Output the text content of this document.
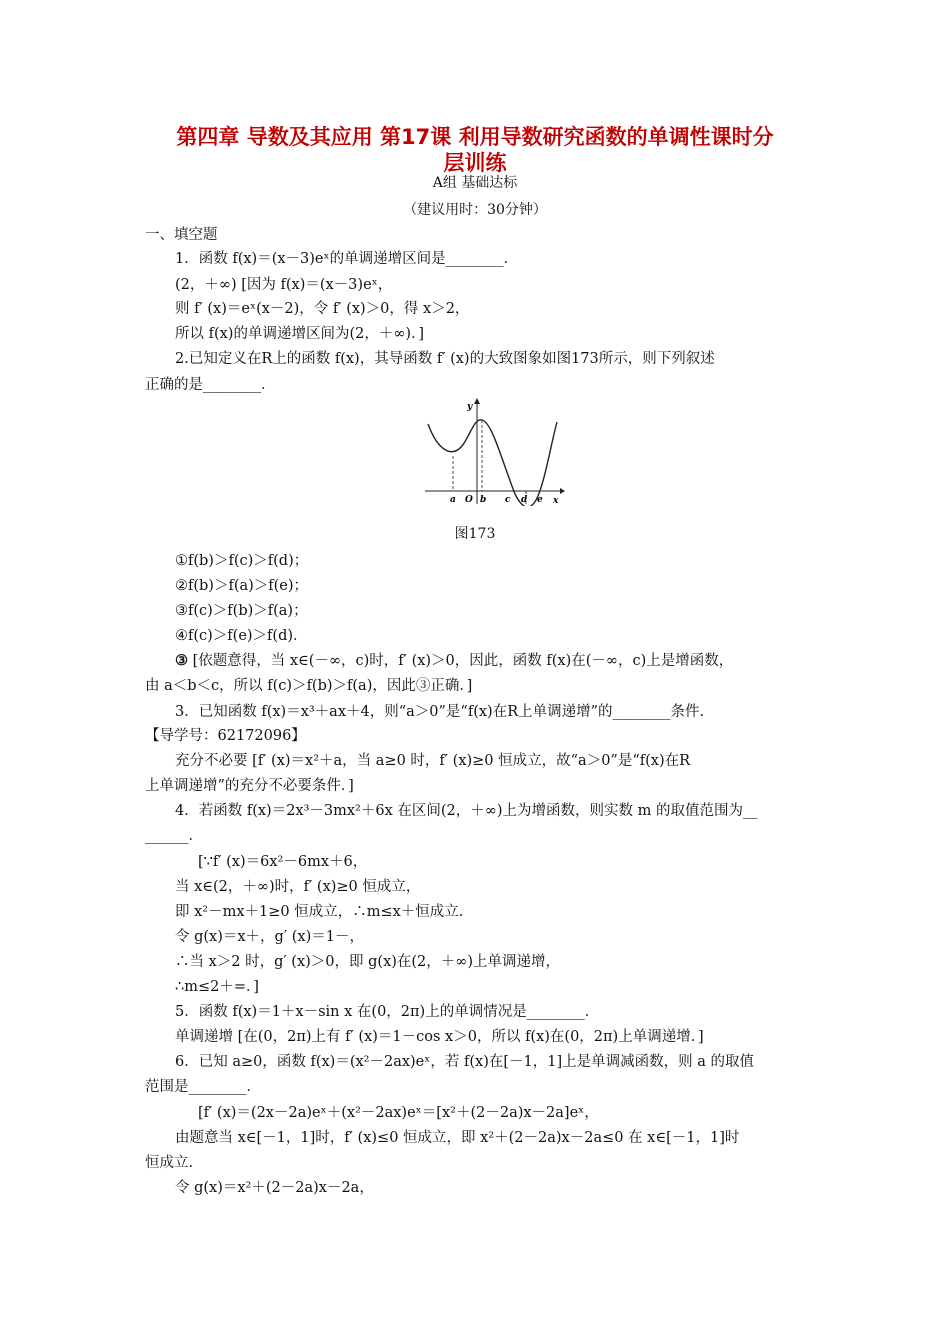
第四章 导数及其应用 第17课 利用导数研究函数的单调性课时分
层训练
A组 基础达标
（建议用时：30分钟）
一、填空题
1．函数 f(x)＝(x－3)eˣ的单调递增区间是________．
(2，＋∞) [因为 f(x)＝(x－3)eˣ，
则 f′ (x)＝eˣ(x－2)，令 f′ (x)＞0，得 x＞2，
所以 f(x)的单调递增区间为(2，＋∞)．]
2.已知定义在R上的函数 f(x)，其导函数 f′ (x)的大致图象如图173所示，则下列叙述
正确的是________．
y
x
a O b c d e
图173
①f(b)＞f(c)＞f(d)；
②f(b)＞f(a)＞f(e)；
③f(c)＞f(b)＞f(a)；
④f(c)＞f(e)＞f(d)．
③ [依题意得，当 x∈(－∞，c)时，f′ (x)＞0，因此，函数 f(x)在(－∞，c)上是增函数，
由 a＜b＜c，所以 f(c)＞f(b)＞f(a)，因此③正确．]
3．已知函数 f(x)＝x³＋ax＋4，则“a＞0”是“f(x)在R上单调递增”的________条件.
【导学号：62172096】
充分不必要 [f′ (x)＝x²＋a，当 a≥0 时，f′ (x)≥0 恒成立，故“a＞0”是“f(x)在R
上单调递增”的充分不必要条件．]
4．若函数 f(x)＝2x³－3mx²＋6x 在区间(2，＋∞)上为增函数，则实数 m 的取值范围为__
______．
[∵f′ (x)＝6x²－6mx＋6，
当 x∈(2，＋∞)时，f′ (x)≥0 恒成立，
即 x²－mx＋1≥0 恒成立，∴m≤x＋恒成立.
令 g(x)＝x＋，g′ (x)＝1－，
∴当 x＞2 时，g′ (x)＞0，即 g(x)在(2，＋∞)上单调递增，
∴m≤2＋=．]
5．函数 f(x)＝1＋x－sin x 在(0，2π)上的单调情况是________．
单调递增 [在(0，2π)上有 f′ (x)＝1－cos x＞0，所以 f(x)在(0，2π)上单调递增．]
6．已知 a≥0，函数 f(x)＝(x²－2ax)eˣ，若 f(x)在[－1，1]上是单调减函数，则 a 的取值
范围是________．
[f′ (x)＝(2x－2a)eˣ＋(x²－2ax)eˣ＝[x²＋(2－2a)x－2a]eˣ，
由题意当 x∈[－1，1]时，f′ (x)≤0 恒成立，即 x²＋(2－2a)x－2a≤0 在 x∈[－1，1]时
恒成立.
令 g(x)＝x²＋(2－2a)x－2a，
